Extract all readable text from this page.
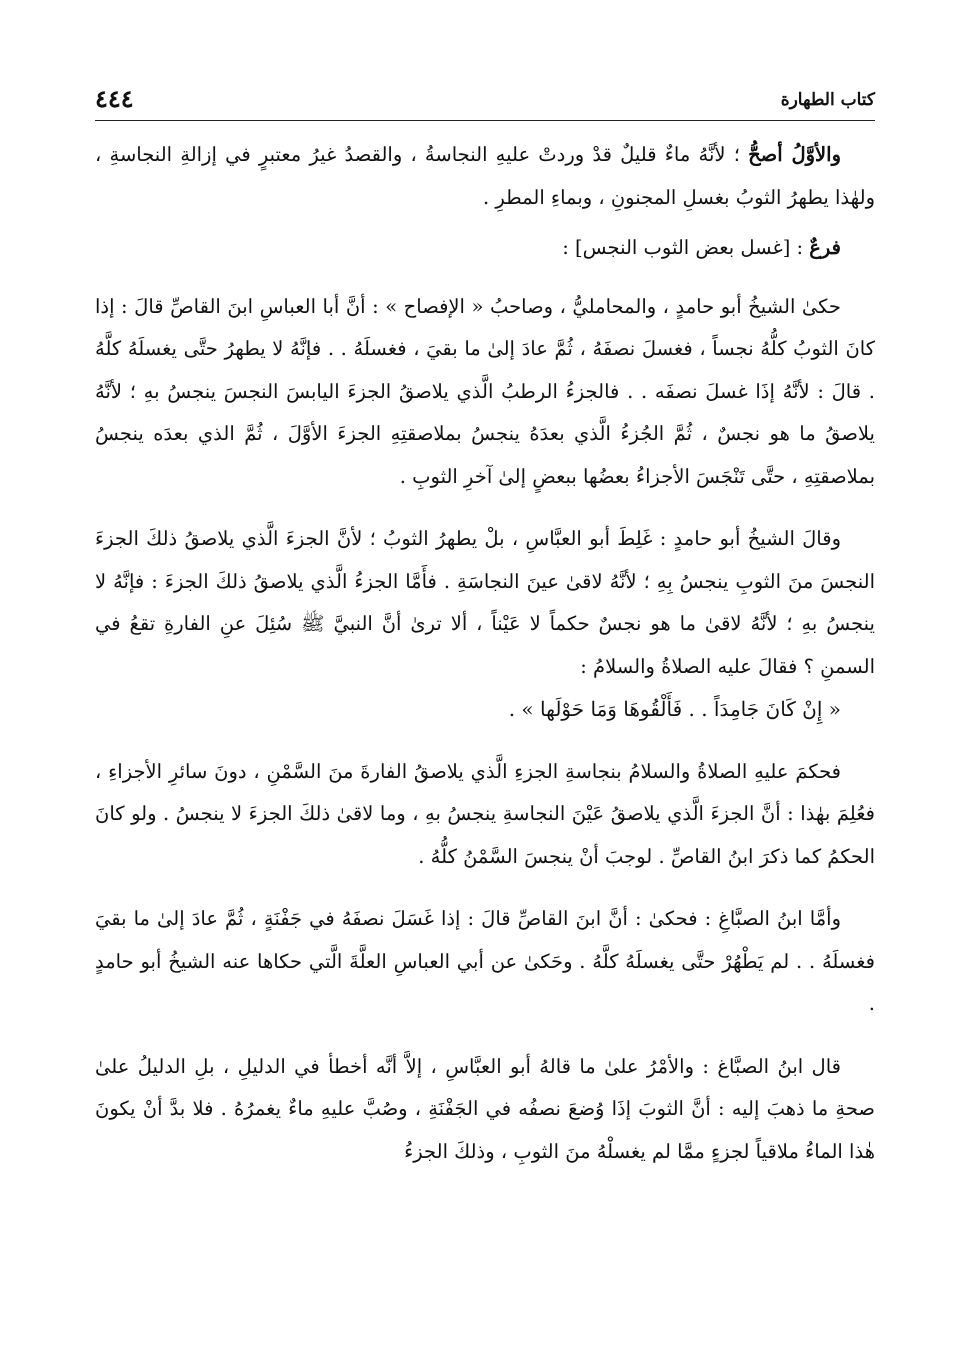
كتاب الطهارة
٤٤٤

والأوَّلُ أصحُّ ؛ لأنَّهُ ماءٌ قليلٌ قدْ وردتْ عليهِ النجاسةُ ، والقصدُ غيرُ معتبرٍ في إزالةِ النجاسةِ ، ولهٰذا يطهرُ الثوبُ بغسلِ المجنونِ ، وبماءِ المطرِ .

فرعٌ : [غسل بعض الثوب النجس] :

حكىٰ الشيخُ أبو حامدٍ ، والمحامليُّ ، وصاحبُ « الإفصاح » : أنَّ أبا العباسِ ابنَ القاصِّ قالَ : إذا كانَ الثوبُ كلُّهُ نجساً ، فغسلَ نصفَهُ ، ثُمَّ عادَ إلىٰ ما بقيَ ، فغسلَهُ . . فإنَّهُ لا يطهرُ حتَّى يغسلَهُ كلَّهُ . قالَ : لأنَّهُ إذَا غسلَ نصفَه . . فالجزءُ الرطبُ الَّذي يلاصقُ الجزءَ اليابسَ النجسَ ينجسُ بهِ ؛ لأنَّهُ يلاصقُ ما هو نجسٌ ، ثُمَّ الجُزءُ الَّذي بعدَهُ ينجسُ بملاصقتِهِ الجزءَ الأوَّلَ ، ثُمَّ الذي بعدَه ينجسُ بملاصقتِهِ ، حتَّى تَنْجَسَ الأجزاءُ بعضُها ببعضٍ إلىٰ آخرِ الثوبِ .

وقالَ الشيخُ أبو حامدٍ : غَلِطَ أبو العبَّاسِ ، بلْ يطهرُ الثوبُ ؛ لأنَّ الجزءَ الَّذي يلاصقُ ذلكَ الجزءَ النجسَ منَ الثوبِ ينجسُ بِهِ ؛ لأنَّهُ لاقىٰ عينَ النجاسَةِ . فأَمَّا الجزءُ الَّذي يلاصقُ ذلكَ الجزءَ : فإنَّهُ لا ينجسُ بهِ ؛ لأنَّهُ لاقىٰ ما هو نجسٌ حكماً لا عَيْناً ، ألا ترىٰ أنَّ النبيَّ ﷺ سُئِلَ عنِ الفارةِ تقعُ في السمنِ ؟ فقالَ عليه الصلاةُ والسلامُ :

« إِنْ كَانَ جَامِدَاً . . فَأَلْقُوهَا وَمَا حَوْلَها » .

فحكمَ عليهِ الصلاةُ والسلامُ بنجاسةِ الجزءِ الَّذي يلاصقُ الفارةَ منَ السَّمْنِ ، دونَ سائرِ الأجزاءِ ، فعُلِمَ بهٰذا : أنَّ الجزءَ الَّذي يلاصقُ عَيْنَ النجاسةِ ينجسُ بهِ ، وما لاقىٰ ذلكَ الجزءَ لا ينجسُ . ولو كانَ الحكمُ كما ذكرَ ابنُ القاصِّ . لوجبَ أنْ ينجسَ السَّمْنُ كلُّهُ .

وأمَّا ابنُ الصبَّاغِ : فحكىٰ : أنَّ ابنَ القاصِّ قالَ : إذا غَسَلَ نصفَهُ في جَفْنَةٍ ، ثُمَّ عادَ إلىٰ ما بقيَ فغسلَهُ . . لم يَطْهُرْ حتَّى يغسلَهُ كلَّهُ . وحَكىٰ عن أبي العباسِ العلَّةَ الَّتي حكاها عنه الشيخُ أبو حامدٍ .

قال ابنُ الصبَّاغ : والأمْرُ علىٰ ما قالهُ أبو العبَّاسِ ، إلاَّ أنَّه أخطأ في الدليلِ ، بلِ الدليلُ علىٰ صحةِ ما ذهبَ إليه : أنَّ الثوبَ إذَا وُضعَ نصفُه في الجَفْنَةِ ، وصُبَّ عليهِ ماءٌ يغمرُهُ . فلا بدَّ أنْ يكونَ هٰذا الماءُ ملاقياً لجزءٍ ممَّا لم يغسلْهُ منَ الثوبِ ، وذلكَ الجزءُ
